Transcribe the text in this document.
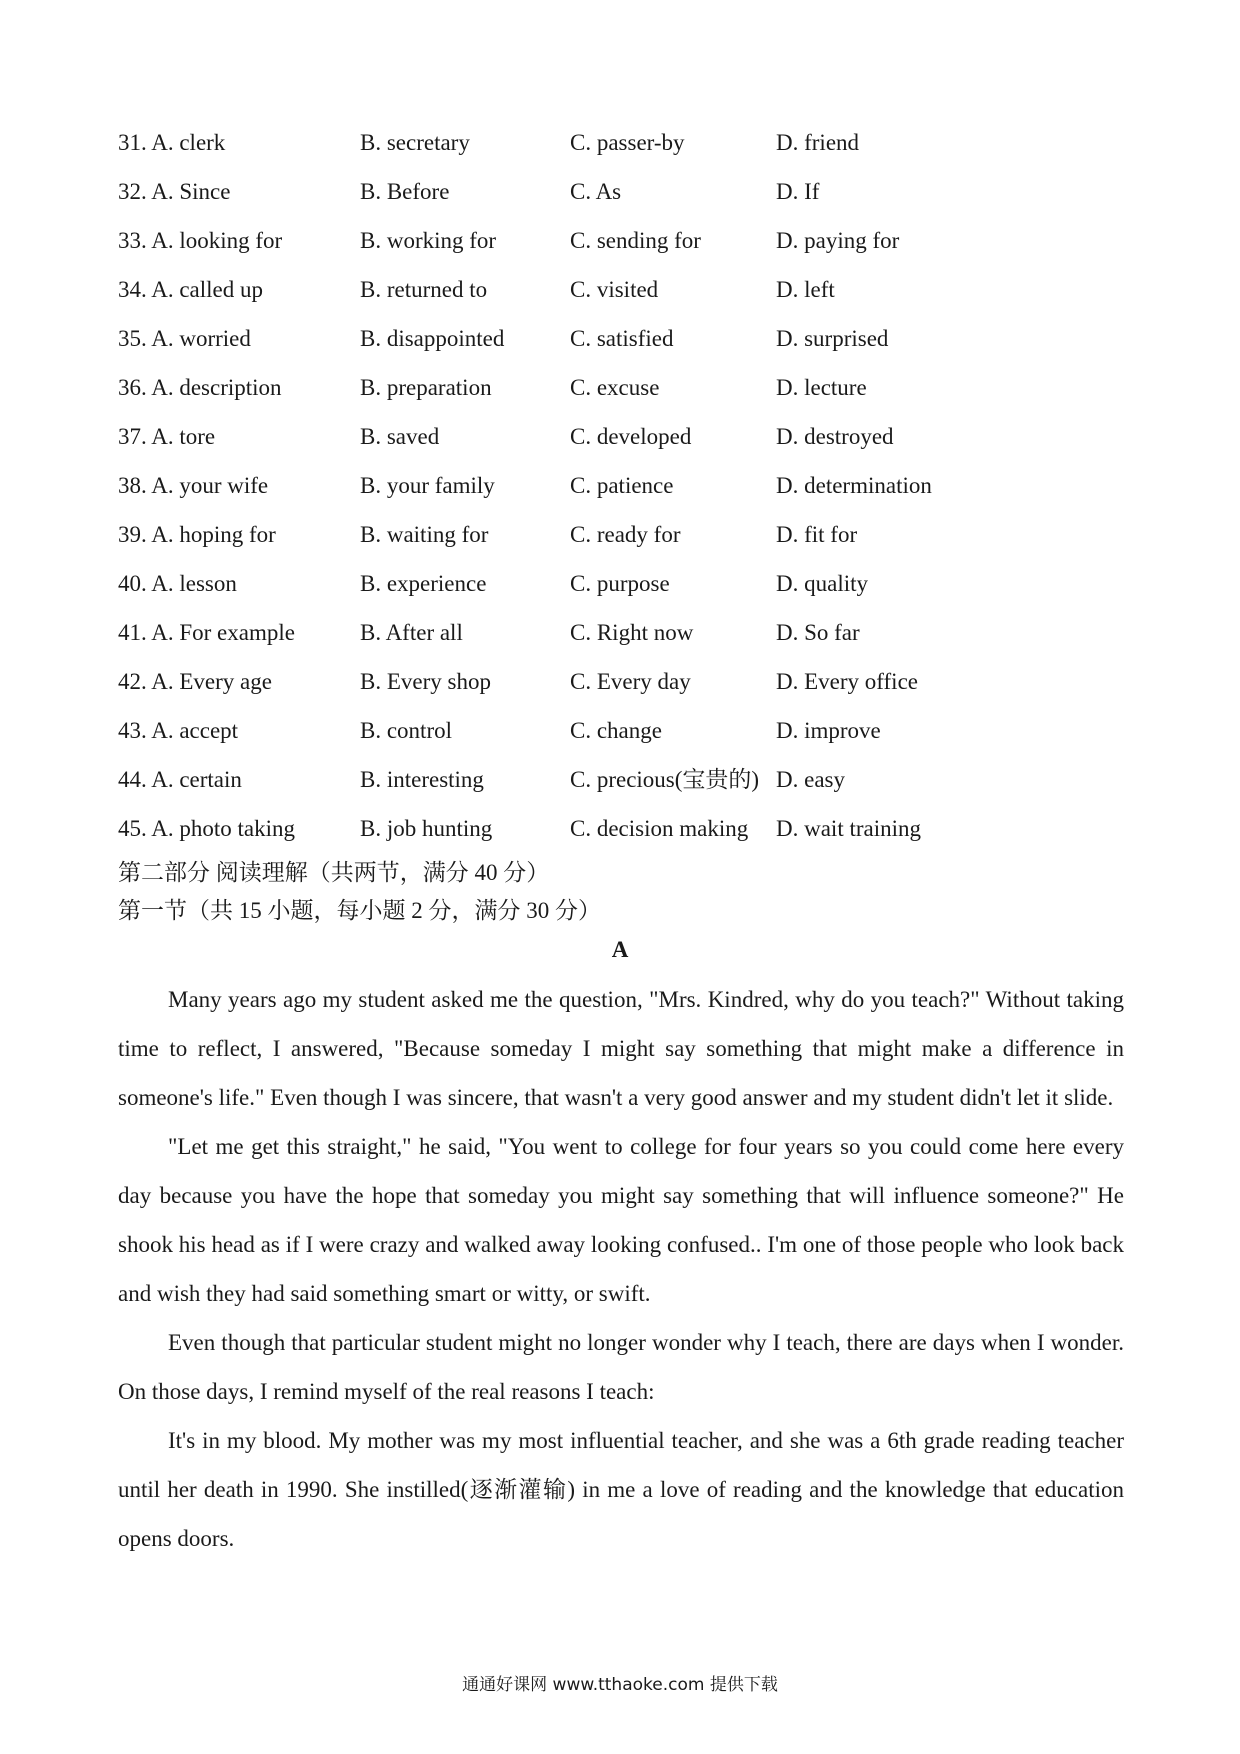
31. A. clerk	B. secretary	C. passer-by	D. friend
32. A. Since	B. Before	C. As	D. If
33. A. looking for	B. working for	C. sending for	D. paying for
34. A. called up	B. returned to	C. visited	D. left
35. A. worried	B. disappointed	C. satisfied	D. surprised
36. A. description	B. preparation	C. excuse	D. lecture
37. A. tore	B. saved	C. developed	D. destroyed
38. A. your wife	B. your family	C. patience	D. determination
39. A. hoping for	B. waiting for	C. ready for	D. fit for
40. A. lesson	B. experience	C. purpose	D. quality
41. A. For example	B. After all	C. Right now	D. So far
42. A. Every age	B. Every shop	C. Every day	D. Every office
43. A. accept	B. control	C. change	D. improve
44. A. certain	B. interesting	C. precious(宝贵的) D. easy
45. A. photo taking	B. job hunting	C. decision making D. wait training
第二部分 阅读理解（共两节，满分 40 分）
第一节（共 15 小题，每小题 2 分，满分 30 分）
A

Many years ago my student asked me the question, "Mrs. Kindred, why do you teach?" Without taking time to reflect, I answered, "Because someday I might say something that might make a difference in someone's life." Even though I was sincere, that wasn't a very good answer and my student didn't let it slide.

"Let me get this straight," he said, "You went to college for four years so you could come here every day because you have the hope that someday you might say something that will influence someone?" He shook his head as if I were crazy and walked away looking confused.. I'm one of those people who look back and wish they had said something smart or witty, or swift.

Even though that particular student might no longer wonder why I teach, there are days when I wonder. On those days, I remind myself of the real reasons I teach:

It's in my blood. My mother was my most influential teacher, and she was a 6th grade reading teacher until her death in 1990. She instilled(逐渐灌输) in me a love of reading and the knowledge that education opens doors.

通通好课网 www.tthaoke.com 提供下载
